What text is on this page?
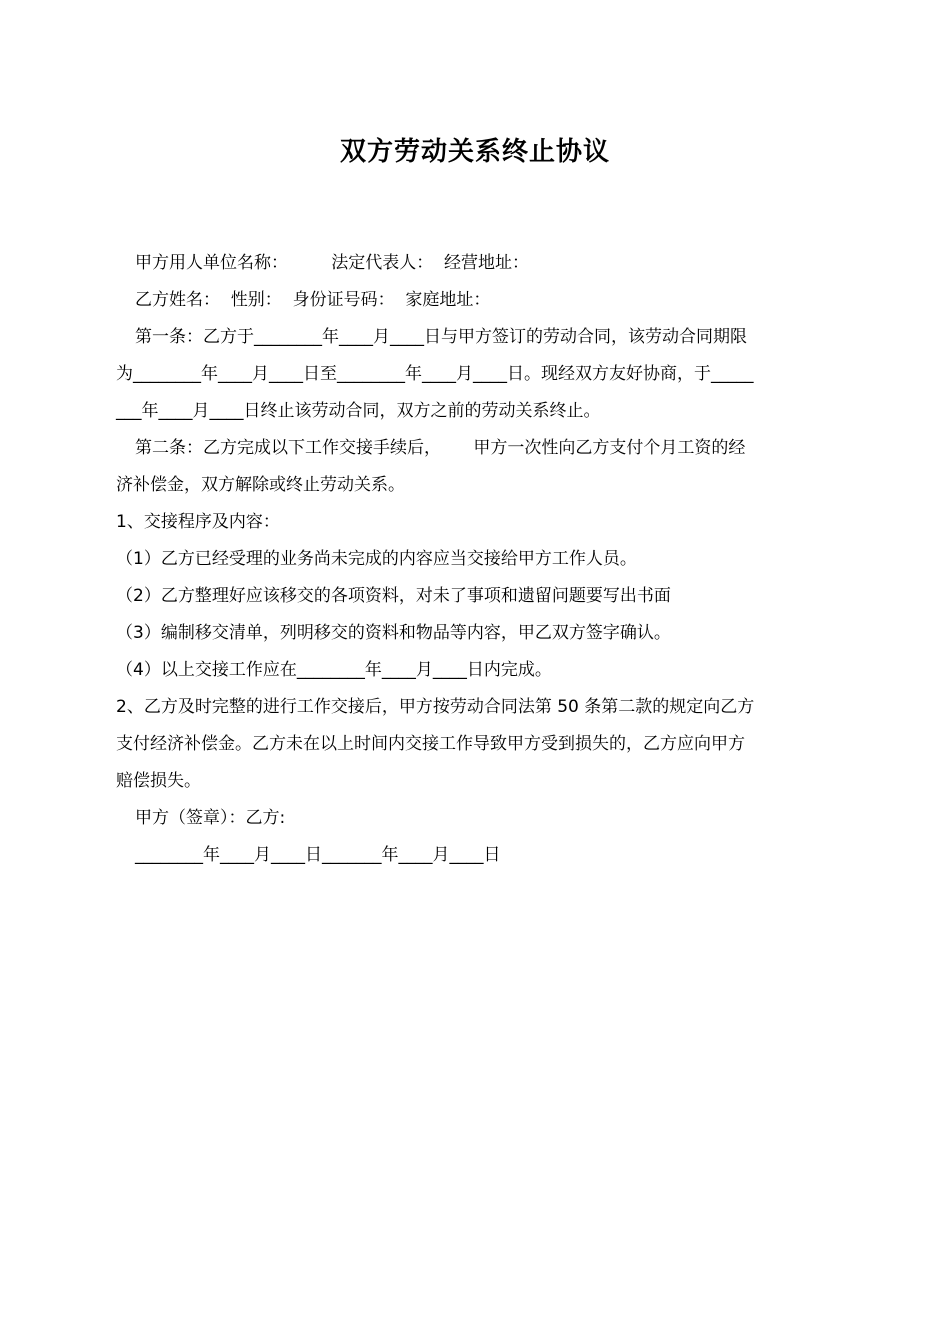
双方劳动关系终止协议
甲方用人单位名称：        法定代表人：  经营地址：
乙方姓名：  性别：  身份证号码：  家庭地址：
第一条：乙方于________年____月____日与甲方签订的劳动合同，该劳动合同期限
为________年____月____日至________年____月____日。现经双方友好协商，于_____
___年____月____日终止该劳动合同，双方之前的劳动关系终止。
第二条：乙方完成以下工作交接手续后，      甲方一次性向乙方支付个月工资的经
济补偿金，双方解除或终止劳动关系。
1、交接程序及内容：
（1）乙方已经受理的业务尚未完成的内容应当交接给甲方工作人员。
（2）乙方整理好应该移交的各项资料，对未了事项和遗留问题要写出书面
（3）编制移交清单，列明移交的资料和物品等内容，甲乙双方签字确认。
（4）以上交接工作应在________年____月____日内完成。
2、乙方及时完整的进行工作交接后，甲方按劳动合同法第 50 条第二款的规定向乙方
支付经济补偿金。乙方未在以上时间内交接工作导致甲方受到损失的，乙方应向甲方
赔偿损失。
甲方（签章）：乙方:
________年____月____日_______年____月____日
